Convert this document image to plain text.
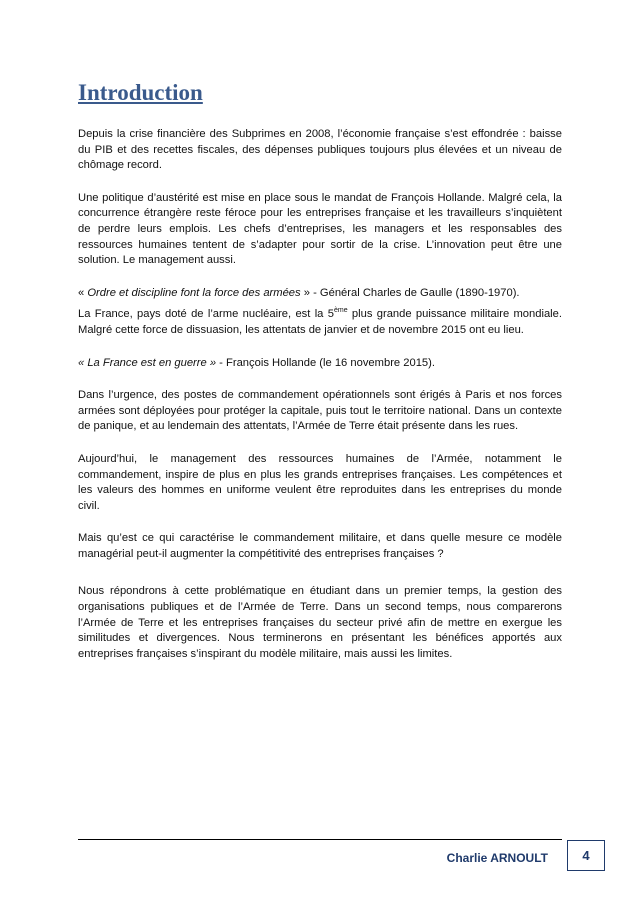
Introduction

Depuis la crise financière des Subprimes en 2008, l’économie française s’est effondrée : baisse du PIB et des recettes fiscales, des dépenses publiques toujours plus élevées et un niveau de chômage record.

Une politique d’austérité est mise en place sous le mandat de François Hollande. Malgré cela, la concurrence étrangère reste féroce pour les entreprises française et les travailleurs s’inquiètent de perdre leurs emplois. Les chefs d’entreprises, les managers et les responsables des ressources humaines tentent de s’adapter pour sortir de la crise. L’innovation peut être une solution. Le management aussi.

« Ordre et discipline font la force des armées » - Général Charles de Gaulle (1890-1970).

La France, pays doté de l’arme nucléaire, est la 5ème plus grande puissance militaire mondiale. Malgré cette force de dissuasion, les attentats de janvier et de novembre 2015 ont eu lieu.

« La France est en guerre » - François Hollande (le 16 novembre 2015).

Dans l’urgence, des postes de commandement opérationnels sont érigés à Paris et nos forces armées sont déployées pour protéger la capitale, puis tout le territoire national. Dans un contexte de panique, et au lendemain des attentats, l’Armée de Terre était présente dans les rues.

Aujourd’hui, le management des ressources humaines de l’Armée, notamment le commandement, inspire de plus en plus les grands entreprises françaises. Les compétences et les valeurs des hommes en uniforme veulent être reproduites dans les entreprises du monde civil.

Mais qu’est ce qui caractérise le commandement militaire, et dans quelle mesure ce modèle managérial peut-il augmenter la compétitivité des entreprises françaises ?

Nous répondrons à cette problématique en étudiant dans un premier temps, la gestion des organisations publiques et de l’Armée de Terre. Dans un second temps, nous comparerons l’Armée de Terre et les entreprises françaises du secteur privé afin de mettre en exergue les similitudes et divergences. Nous terminerons en présentant les bénéfices apportés aux entreprises françaises s’inspirant du modèle militaire, mais aussi les limites.

Charlie ARNOULT	4
